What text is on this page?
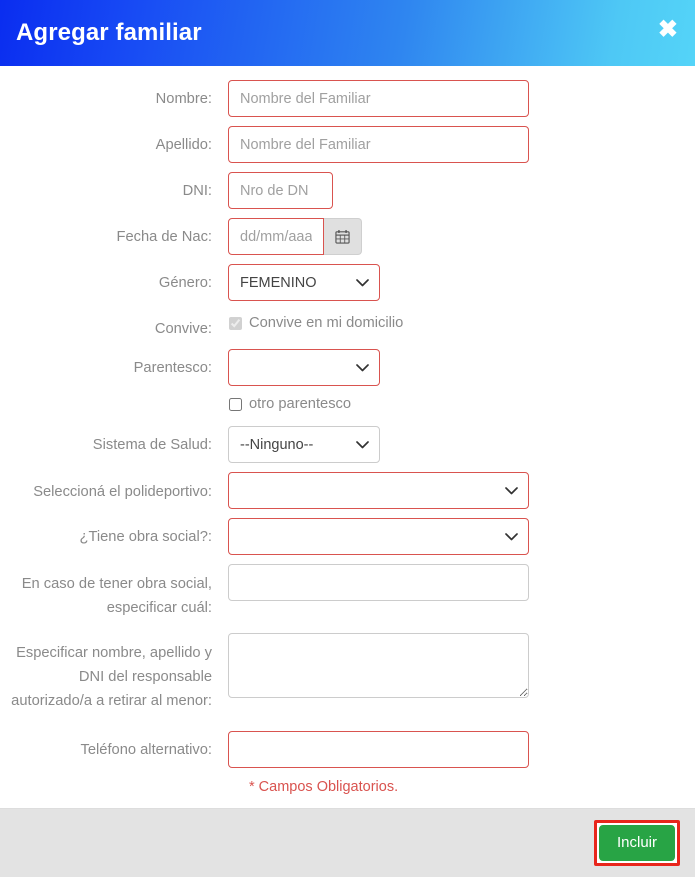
Agregar familiar	✖
Nombre:
Nombre del Familiar
Apellido:
Nombre del Familiar
DNI:
Nro de DN
Fecha de Nac:
dd/mm/aaaa
Género:
FEMENINO
Convive:	Convive en mi domicilio
Parentesco:
otro parentesco
Sistema de Salud:
--Ninguno--
Seleccioná el polideportivo:
¿Tiene obra social?:
En caso de tener obra social, especificar cuál:
Especificar nombre, apellido y DNI del responsable autorizado/a a retirar al menor:
Teléfono alternativo:
* Campos Obligatorios.
Incluir
